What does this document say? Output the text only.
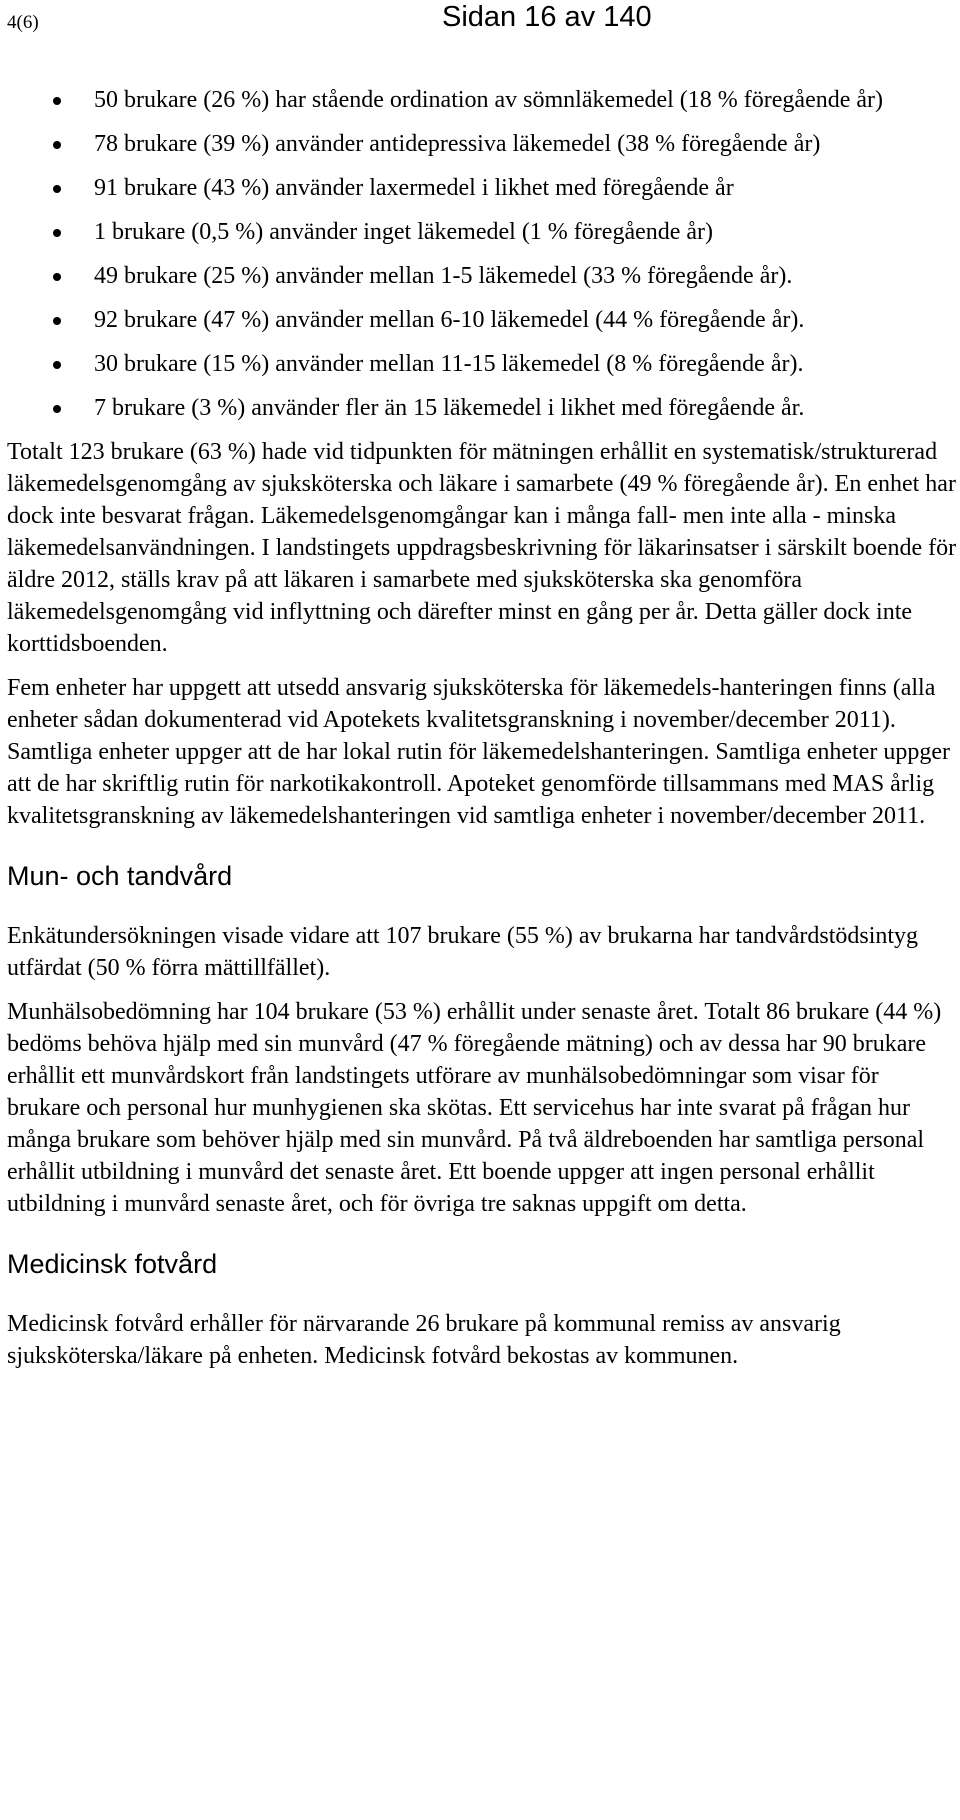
4(6)	Sidan 16 av 140
50 brukare (26 %) har stående ordination av sömnläkemedel (18 % föregående år)
78 brukare (39 %) använder antidepressiva läkemedel (38 % föregående år)
91 brukare (43 %) använder laxermedel i likhet med föregående år
1 brukare (0,5 %) använder inget läkemedel (1 % föregående år)
49 brukare (25 %) använder mellan 1-5 läkemedel (33 % föregående år).
92 brukare (47 %) använder mellan 6-10 läkemedel (44 % föregående år).
30 brukare (15 %) använder mellan 11-15 läkemedel (8 % föregående år).
7 brukare (3 %) använder fler än 15 läkemedel i likhet med föregående år.

Totalt 123 brukare (63 %) hade vid tidpunkten för mätningen erhållit en systematisk/strukturerad läkemedelsgenomgång av sjuksköterska och läkare i samarbete (49 % föregående år). En enhet har dock inte besvarat frågan. Läkemedelsgenomgångar kan i många fall- men inte alla - minska läkemedelsanvändningen. I landstingets uppdragsbeskrivning för läkarinsatser i särskilt boende för äldre 2012, ställs krav på att läkaren i samarbete med sjuksköterska ska genomföra läkemedelsgenomgång vid inflyttning och därefter minst en gång per år. Detta gäller dock inte korttidsboenden.

Fem enheter har uppgett att utsedd ansvarig sjuksköterska för läkemedels-hanteringen finns (alla enheter sådan dokumenterad vid Apotekets kvalitetsgranskning i november/december 2011). Samtliga enheter uppger att de har lokal rutin för läkemedelshanteringen. Samtliga enheter uppger att de har skriftlig rutin för narkotikakontroll. Apoteket genomförde tillsammans med MAS årlig kvalitetsgranskning av läkemedelshanteringen vid samtliga enheter i november/december 2011.

Mun- och tandvård

Enkätundersökningen visade vidare att 107 brukare (55 %) av brukarna har tandvårdstödsintyg utfärdat (50 % förra mättillfället).

Munhälsobedömning har 104 brukare (53 %) erhållit under senaste året. Totalt 86 brukare (44 %) bedöms behöva hjälp med sin munvård (47 % föregående mätning) och av dessa har 90 brukare erhållit ett munvårdskort från landstingets utförare av munhälsobedömningar som visar för brukare och personal hur munhygienen ska skötas. Ett servicehus har inte svarat på frågan hur många brukare som behöver hjälp med sin munvård. På två äldreboenden har samtliga personal erhållit utbildning i munvård det senaste året. Ett boende uppger att ingen personal erhållit utbildning i munvård senaste året, och för övriga tre saknas uppgift om detta.

Medicinsk fotvård

Medicinsk fotvård erhåller för närvarande 26 brukare på kommunal remiss av ansvarig sjuksköterska/läkare på enheten. Medicinsk fotvård bekostas av kommunen.
